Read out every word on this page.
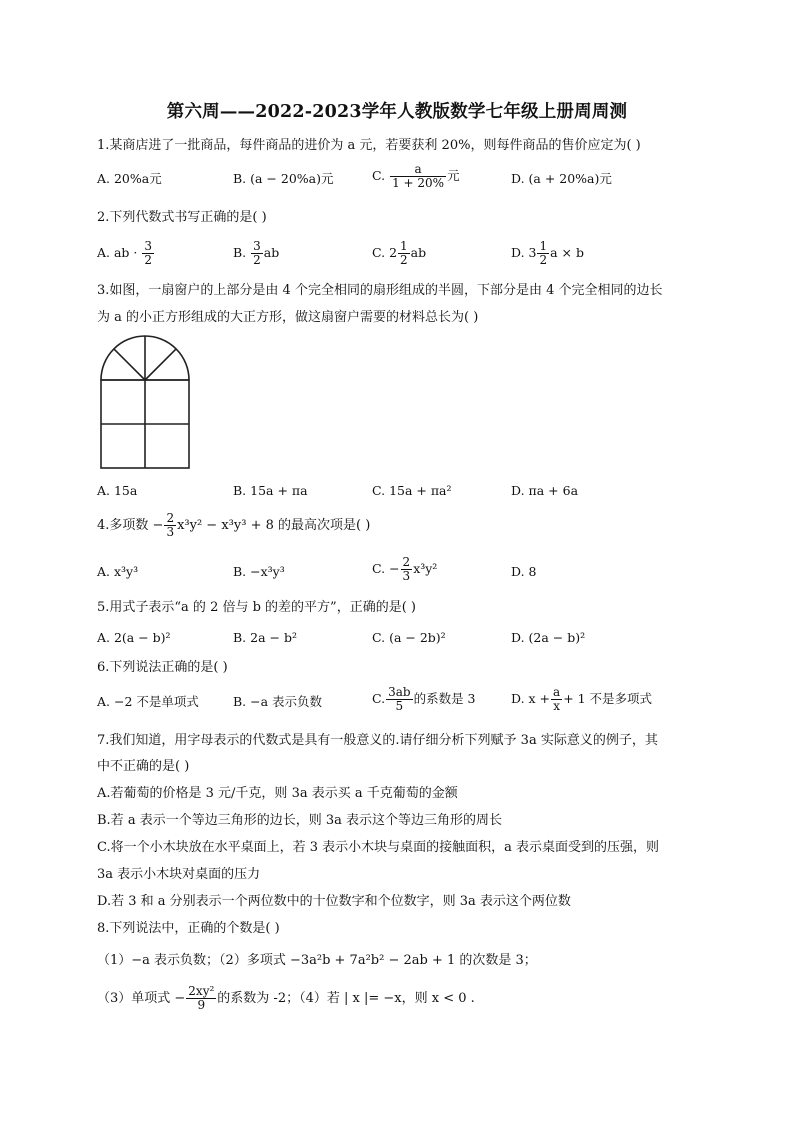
第六周——2022-2023学年人教版数学七年级上册周周测
1.某商店进了一批商品，每件商品的进价为 a 元，若要获利 20%，则每件商品的售价应定为( )
A. 20%a元	B. (a − 20%a)元	C. $\frac{a}{1 + 20\%}$ 元	D. (a + 20%a)元
2.下列代数式书写正确的是( )
A. ab · $\frac{3}{2}$	B. $\frac{3}{2}$ ab	C. $2 \frac{1}{2}$ ab	D. $3 \frac{1}{2}$ a × b
3.如图，一扇窗户的上部分是由 4 个完全相同的扇形组成的半圆，下部分是由 4 个完全相同的边长
为 a 的小正方形组成的大正方形，做这扇窗户需要的材料总长为( )
A. 15a	B. 15a + πa	C. 15a + πa²	D. πa + 6a
4.多项数 − $\frac{2}{3} x^3y^2 - x^3y^3 + 8$ 的最高次项是( )
A. x³y³	B. −x³y³	C. − $\frac{2}{3} x^3y^2$	D. 8
5.用式子表示“a 的 2 倍与 b 的差的平方”，正确的是( )
A. 2(a − b)²	B. 2a − b²	C. (a − 2b)²	D. (2a − b)²
6.下列说法正确的是( )
A. −2 不是单项式	B. −a 表示负数	C. $\frac{3ab}{5}$ 的系数是 3	D. $x + \frac{a}{x} + 1$ 不是多项式
7.我们知道，用字母表示的代数式是具有一般意义的.请仔细分析下列赋予 3a 实际意义的例子，其
中不正确的是( )
A.若葡萄的价格是 3 元/千克，则 3a 表示买 a 千克葡萄的金额
B.若 a 表示一个等边三角形的边长，则 3a 表示这个等边三角形的周长
C.将一个小木块放在水平桌面上，若 3 表示小木块与桌面的接触面积，a 表示桌面受到的压强，则
3a 表示小木块对桌面的压力
D.若 3 和 a 分别表示一个两位数中的十位数字和个位数字，则 3a 表示这个两位数
8.下列说法中，正确的个数是( )
（1）−a 表示负数；（2）多项式 −3a²b + 7a²b² − 2ab + 1 的次数是 3；
（3）单项式 − $\frac{\text{2xy²}}{9}$ 的系数为 -2；（4）若 | x |= −x，则 x < 0 .
